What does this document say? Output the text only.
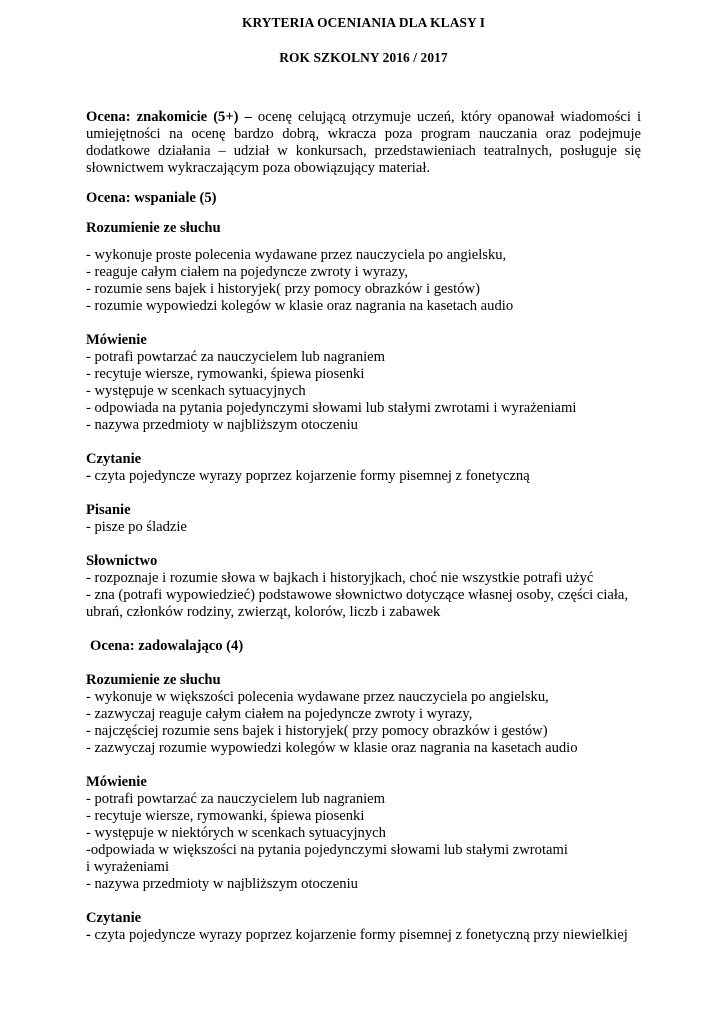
KRYTERIA OCENIANIA DLA KLASY I
ROK SZKOLNY 2016 / 2017
Ocena: znakomicie (5+) – ocenę celującą otrzymuje uczeń, który opanował wiadomości i umiejętności na ocenę bardzo dobrą, wkracza poza program nauczania oraz podejmuje dodatkowe działania – udział w konkursach, przedstawieniach teatralnych, posługuje się słownictwem wykraczającym poza obowiązujący materiał.
Ocena: wspaniale (5)
Rozumienie ze słuchu
- wykonuje proste polecenia wydawane przez nauczyciela po angielsku,
- reaguje całym ciałem na pojedyncze zwroty i wyrazy,
- rozumie sens bajek i historyjek( przy pomocy obrazków i gestów)
- rozumie wypowiedzi kolegów w klasie oraz nagrania na kasetach audio
Mówienie
- potrafi powtarzać za nauczycielem lub nagraniem
- recytuje wiersze, rymowanki, śpiewa piosenki
- występuje w scenkach sytuacyjnych
- odpowiada na pytania pojedynczymi słowami lub stałymi zwrotami i wyrażeniami
- nazywa przedmioty w najbliższym otoczeniu
Czytanie
- czyta pojedyncze wyrazy poprzez kojarzenie formy pisemnej z fonetyczną
Pisanie
- pisze po śladzie
Słownictwo
- rozpoznaje i rozumie słowa w bajkach i historyjkach, choć nie wszystkie potrafi użyć
- zna (potrafi wypowiedzieć) podstawowe słownictwo dotyczące własnej osoby, części ciała,
ubrań, członków rodziny, zwierząt, kolorów, liczb i zabawek
Ocena: zadowalająco (4)
Rozumienie ze słuchu
- wykonuje w większości polecenia wydawane przez nauczyciela po angielsku,
- zazwyczaj reaguje całym ciałem na pojedyncze zwroty i wyrazy,
- najczęściej rozumie sens bajek i historyjek( przy pomocy obrazków i gestów)
- zazwyczaj rozumie wypowiedzi kolegów w klasie oraz nagrania na kasetach audio
Mówienie
- potrafi powtarzać za nauczycielem lub nagraniem
- recytuje wiersze, rymowanki, śpiewa piosenki
- występuje w niektórych w scenkach sytuacyjnych
-odpowiada w większości na pytania pojedynczymi słowami lub stałymi zwrotami
i wyrażeniami
- nazywa przedmioty w najbliższym otoczeniu
Czytanie
- czyta pojedyncze wyrazy poprzez kojarzenie formy pisemnej z fonetyczną przy niewielkiej
